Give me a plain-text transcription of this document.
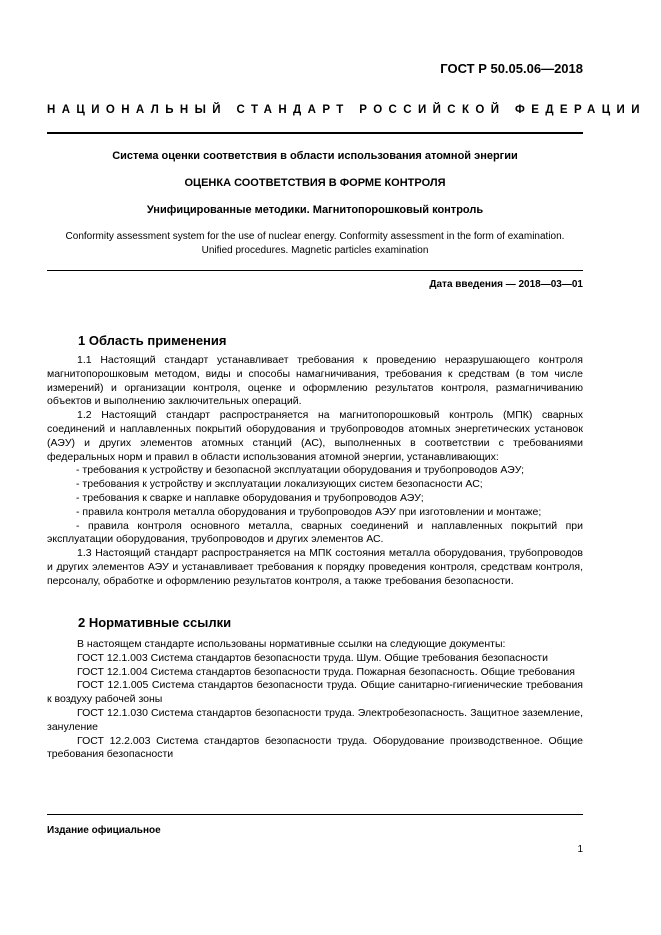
ГОСТ Р 50.05.06—2018
НАЦИОНАЛЬНЫЙ СТАНДАРТ РОССИЙСКОЙ ФЕДЕРАЦИИ
Система оценки соответствия в области использования атомной энергии
ОЦЕНКА СООТВЕТСТВИЯ В ФОРМЕ КОНТРОЛЯ
Унифицированные методики. Магнитопорошковый контроль
Conformity assessment system for the use of nuclear energy. Conformity assessment in the form of examination.
Unified procedures. Magnetic particles examination
Дата введения — 2018—03—01
1 Область применения

1.1 Настоящий стандарт устанавливает требования к проведению неразрушающего контроля магнитопорошковым методом, виды и способы намагничивания, требования к средствам (в том числе измерений) и организации контроля, оценке и оформлению результатов контроля, размагничиванию объектов и выполнению заключительных операций.

1.2 Настоящий стандарт распространяется на магнитопорошковый контроль (МПК) сварных соединений и наплавленных покрытий оборудования и трубопроводов атомных энергетических установок (АЭУ) и других элементов атомных станций (АС), выполненных в соответствии с требованиями федеральных норм и правил в области использования атомной энергии, устанавливающих:

- требования к устройству и безопасной эксплуатации оборудования и трубопроводов АЭУ;

- требования к устройству и эксплуатации локализующих систем безопасности АС;

- требования к сварке и наплавке оборудования и трубопроводов АЭУ;

- правила контроля металла оборудования и трубопроводов АЭУ при изготовлении и монтаже;

- правила контроля основного металла, сварных соединений и наплавленных покрытий при эксплуатации оборудования, трубопроводов и других элементов АС.

1.3 Настоящий стандарт распространяется на МПК состояния металла оборудования, трубопроводов и других элементов АЭУ и устанавливает требования к порядку проведения контроля, средствам контроля, персоналу, обработке и оформлению результатов контроля, а также требования безопасности.

2 Нормативные ссылки

В настоящем стандарте использованы нормативные ссылки на следующие документы:

ГОСТ 12.1.003 Система стандартов безопасности труда. Шум. Общие требования безопасности

ГОСТ 12.1.004 Система стандартов безопасности труда. Пожарная безопасность. Общие требования

ГОСТ 12.1.005 Система стандартов безопасности труда. Общие санитарно-гигиенические требования к воздуху рабочей зоны

ГОСТ 12.1.030 Система стандартов безопасности труда. Электробезопасность. Защитное заземление, зануление

ГОСТ 12.2.003 Система стандартов безопасности труда. Оборудование производственное. Общие требования безопасности

Издание официальное
1
